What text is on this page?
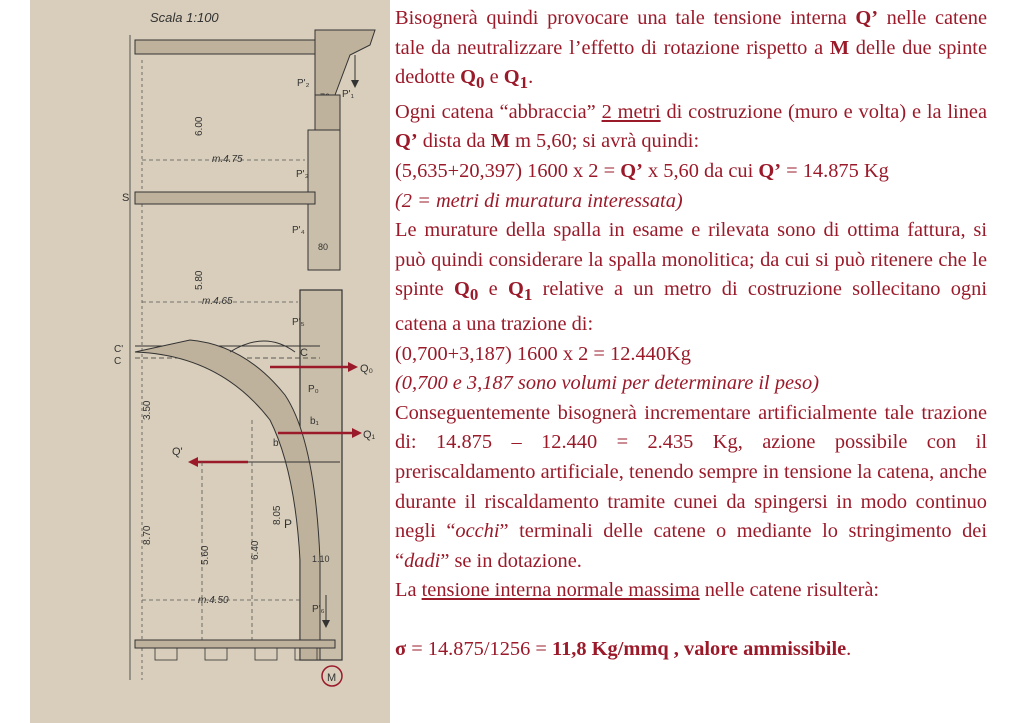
Scala 1:100
P'₂
P'₁
6.00
m.4.75
P'₃
S
P'₄
80
5.80
m.4.65
P'₅
C'
C
C
Q₀
P₀
3.50
b₁
b
Q₁
Q'
8.70
5.60	6.40
8.05 P
1.10
m.4.50
P'₆
M

Bisognerà quindi provocare una tale tensione interna Q’ nelle catene tale da neutralizzare l’effetto di rotazione rispetto a M delle due spinte dedotte $Q_0$ e $Q_1$.

Ogni catena “abbraccia” 2 metri di costruzione (muro e volta) e la linea Q’ dista da M m 5,60; si avrà quindi:

(5,635+20,397) 1600 x 2 = Q’ x 5,60 da cui Q’ = 14.875 Kg

(2 = metri di muratura interessata)

Le murature della spalla in esame e rilevata sono di ottima fattura, si può quindi considerare la spalla monolitica; da cui si può ritenere che le spinte $Q_0$ e $Q_1$ relative a un metro di costruzione sollecitano ogni catena a una trazione di:

(0,700+3,187) 1600 x 2 = 12.440Kg

(0,700 e 3,187 sono volumi per determinare il peso)

Conseguentemente bisognerà incrementare artificialmente tale trazione di: 14.875 – 12.440 = 2.435 Kg, azione possibile con il preriscaldamento artificiale, tenendo sempre in tensione la catena, anche durante il riscaldamento tramite cunei da spingersi in modo continuo negli “occhi” terminali delle catene o mediante lo stringimento dei “dadi” se in dotazione.

La tensione interna normale massima nelle catene risulterà:

σ = 14.875/1256 = 11,8 Kg/mmq , valore ammissibile.
